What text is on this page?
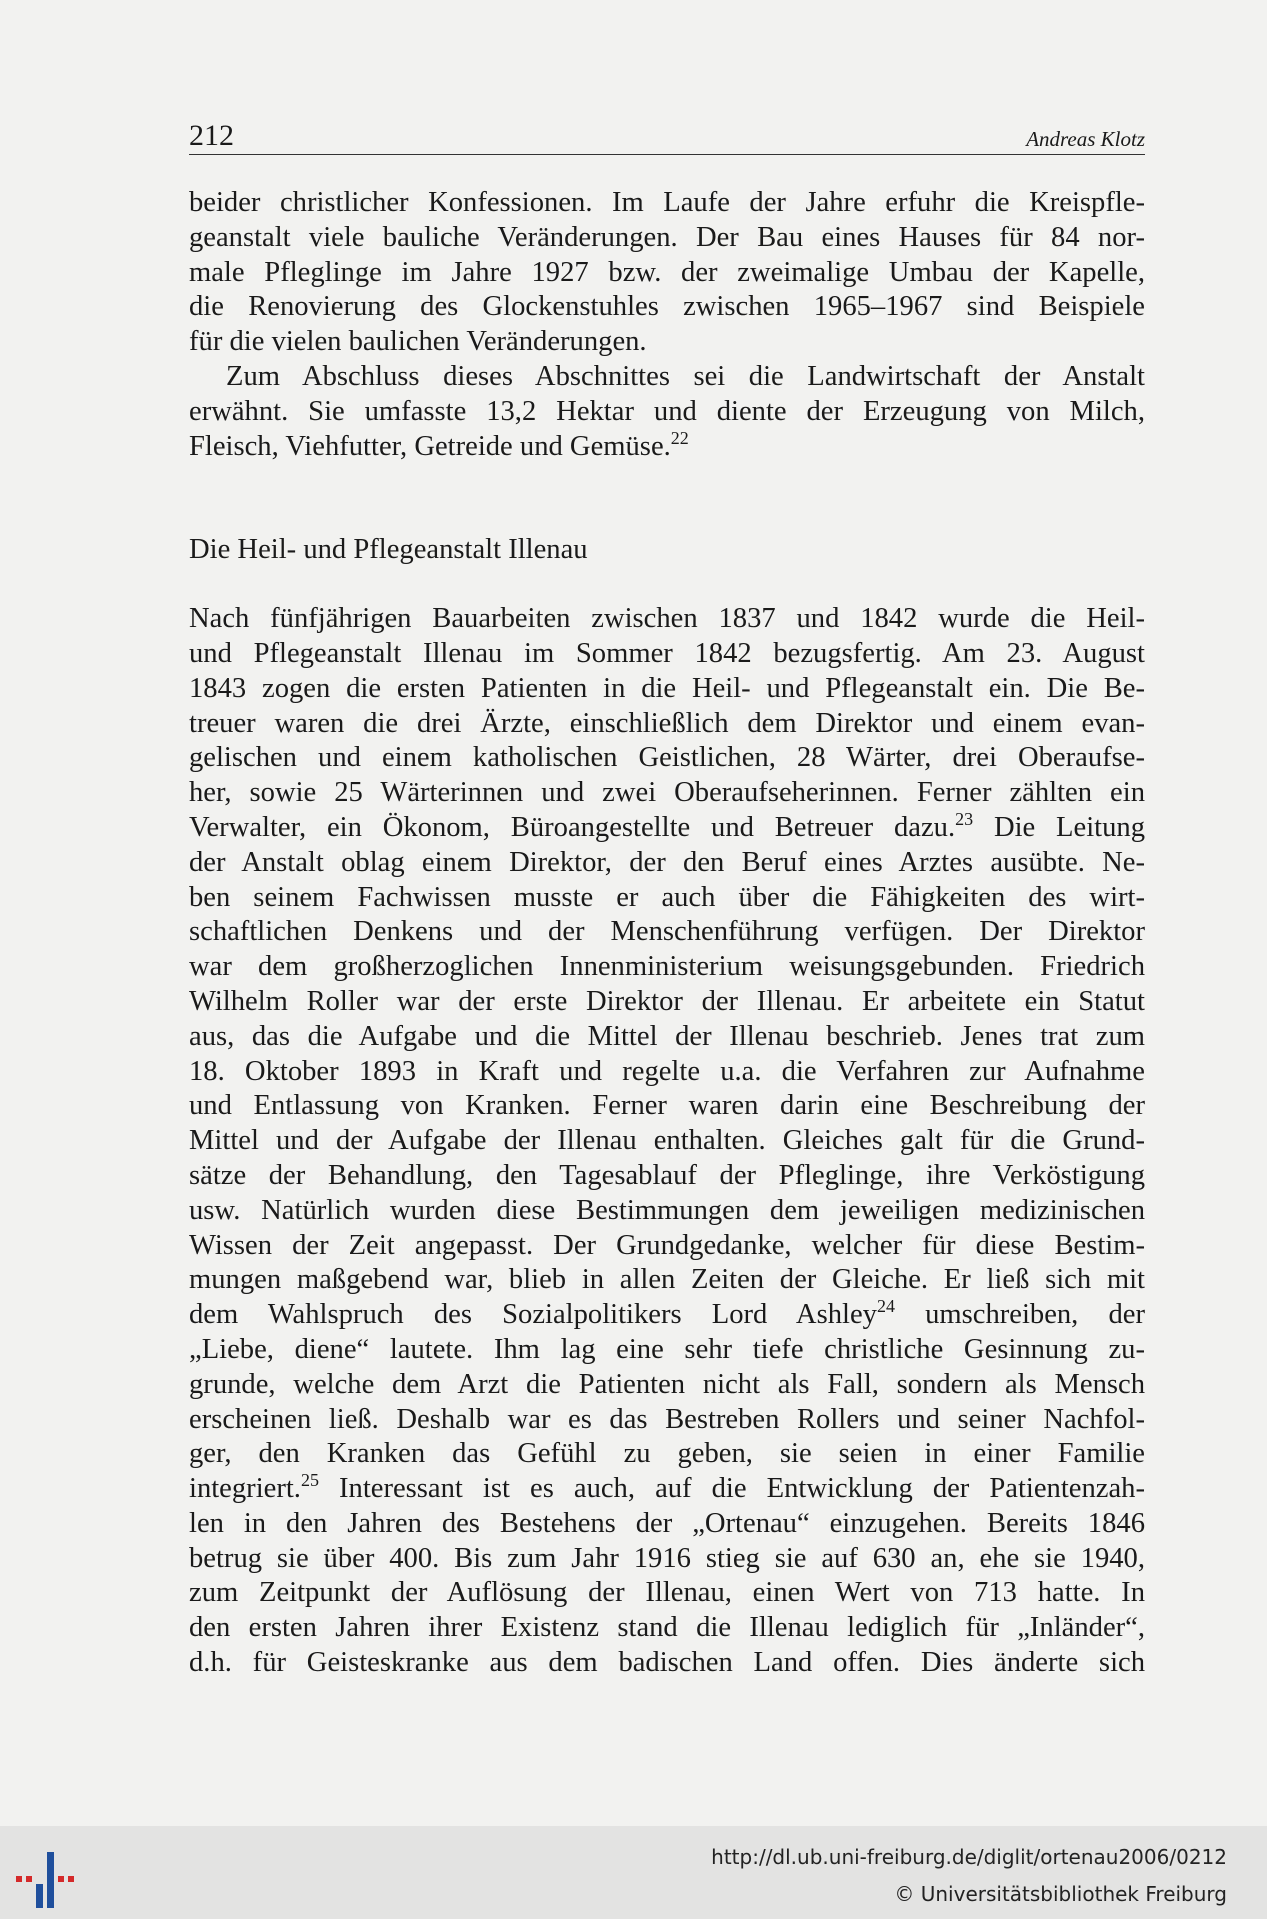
212	Andreas Klotz

beider christlicher Konfessionen. Im Laufe der Jahre erfuhr die Kreispfle-
geanstalt viele bauliche Veränderungen. Der Bau eines Hauses für 84 nor-
male Pfleglinge im Jahre 1927 bzw. der zweimalige Umbau der Kapelle,
die Renovierung des Glockenstuhles zwischen 1965–1967 sind Beispiele
für die vielen baulichen Veränderungen.

Zum Abschluss dieses Abschnittes sei die Landwirtschaft der Anstalt
erwähnt. Sie umfasste 13,2 Hektar und diente der Erzeugung von Milch,
Fleisch, Viehfutter, Getreide und Gemüse.$^{22}$

Die Heil- und Pflegeanstalt Illenau

Nach fünfjährigen Bauarbeiten zwischen 1837 und 1842 wurde die Heil-
und Pflegeanstalt Illenau im Sommer 1842 bezugsfertig. Am 23. August
1843 zogen die ersten Patienten in die Heil- und Pflegeanstalt ein. Die Be-
treuer waren die drei Ärzte, einschließlich dem Direktor und einem evan-
gelischen und einem katholischen Geistlichen, 28 Wärter, drei Oberaufse-
her, sowie 25 Wärterinnen und zwei Oberaufseherinnen. Ferner zählten ein
Verwalter, ein Ökonom, Büroangestellte und Betreuer dazu.$^{23}$ Die Leitung
der Anstalt oblag einem Direktor, der den Beruf eines Arztes ausübte. Ne-
ben seinem Fachwissen musste er auch über die Fähigkeiten des wirt-
schaftlichen Denkens und der Menschenführung verfügen. Der Direktor
war dem großherzoglichen Innenministerium weisungsgebunden. Friedrich
Wilhelm Roller war der erste Direktor der Illenau. Er arbeitete ein Statut
aus, das die Aufgabe und die Mittel der Illenau beschrieb. Jenes trat zum
18. Oktober 1893 in Kraft und regelte u.a. die Verfahren zur Aufnahme
und Entlassung von Kranken. Ferner waren darin eine Beschreibung der
Mittel und der Aufgabe der Illenau enthalten. Gleiches galt für die Grund-
sätze der Behandlung, den Tagesablauf der Pfleglinge, ihre Verköstigung
usw. Natürlich wurden diese Bestimmungen dem jeweiligen medizinischen
Wissen der Zeit angepasst. Der Grundgedanke, welcher für diese Bestim-
mungen maßgebend war, blieb in allen Zeiten der Gleiche. Er ließ sich mit
dem Wahlspruch des Sozialpolitikers Lord Ashley$^{24}$ umschreiben, der
„Liebe, diene“ lautete. Ihm lag eine sehr tiefe christliche Gesinnung zu-
grunde, welche dem Arzt die Patienten nicht als Fall, sondern als Mensch
erscheinen ließ. Deshalb war es das Bestreben Rollers und seiner Nachfol-
ger, den Kranken das Gefühl zu geben, sie seien in einer Familie
integriert.$^{25}$ Interessant ist es auch, auf die Entwicklung der Patientenzah-
len in den Jahren des Bestehens der „Ortenau“ einzugehen. Bereits 1846
betrug sie über 400. Bis zum Jahr 1916 stieg sie auf 630 an, ehe sie 1940,
zum Zeitpunkt der Auflösung der Illenau, einen Wert von 713 hatte. In
den ersten Jahren ihrer Existenz stand die Illenau lediglich für „Inländer“,
d.h. für Geisteskranke aus dem badischen Land offen. Dies änderte sich

http://dl.ub.uni-freiburg.de/diglit/ortenau2006/0212
© Universitätsbibliothek Freiburg
